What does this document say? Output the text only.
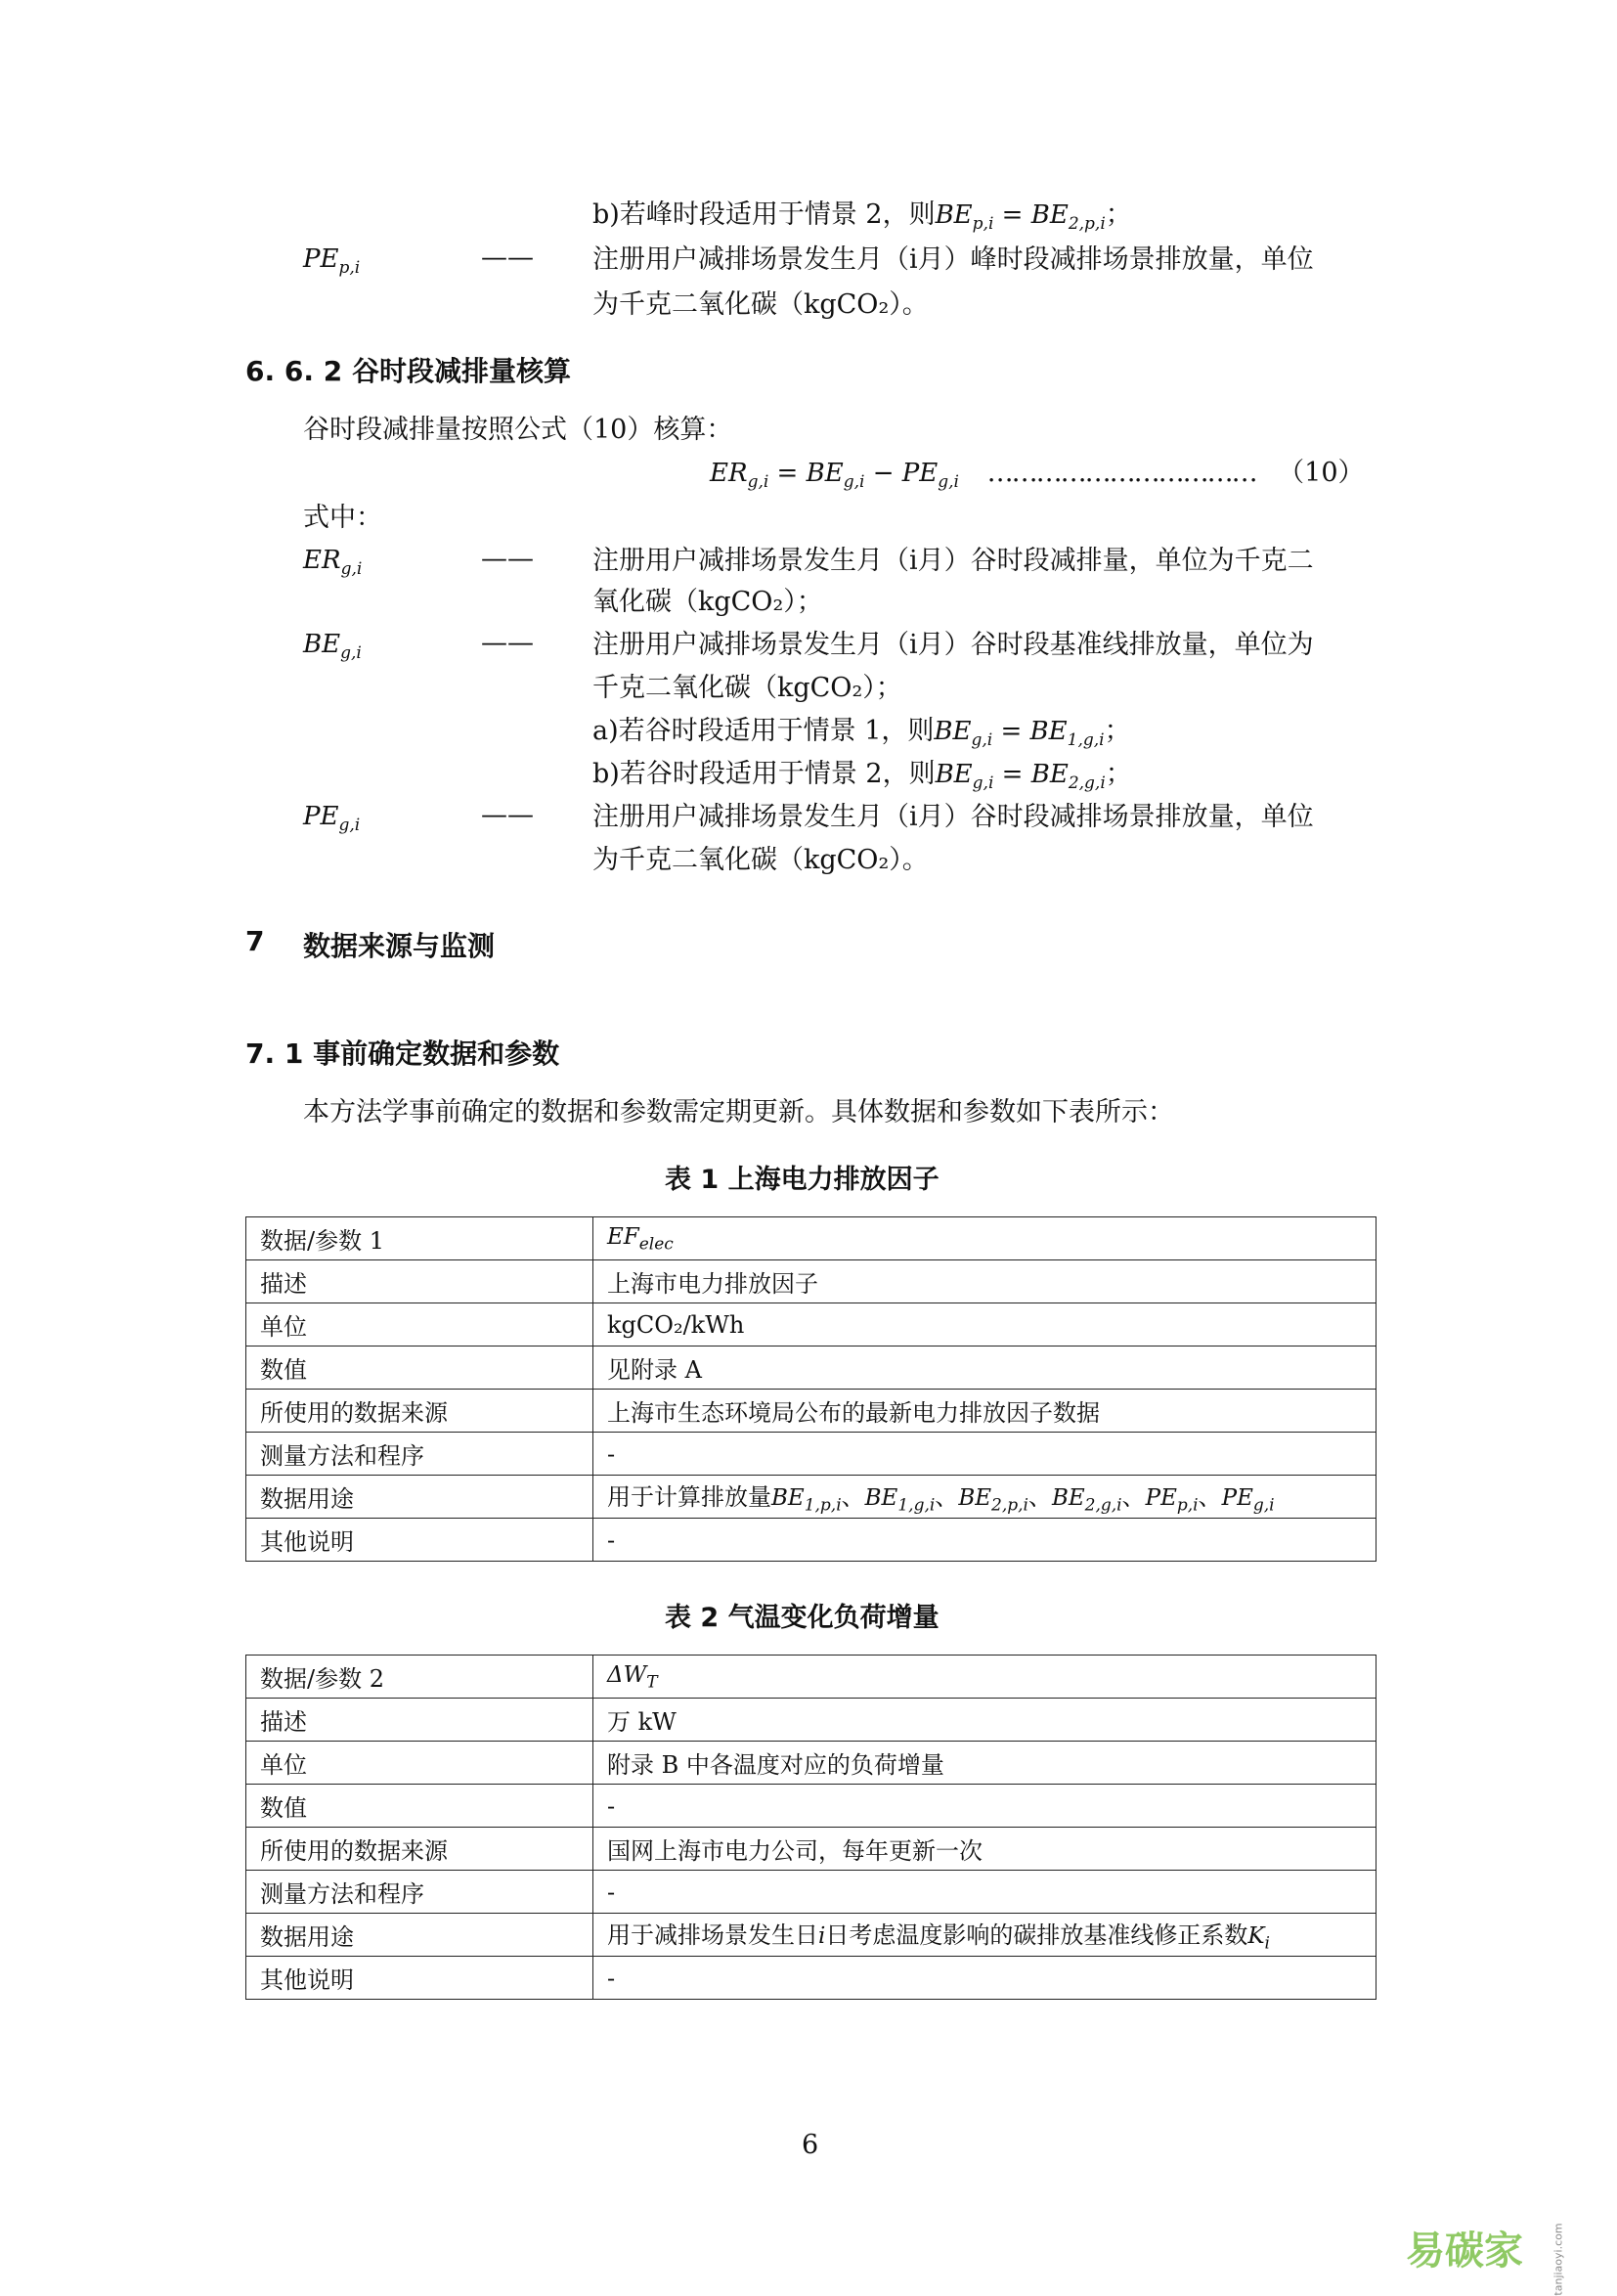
b)若峰时段适用于情景 2，则$BE_{p,i} = BE_{2,p,i}$；
$PE_{p,i}$	—— 注册用户减排场景发生月（i月）峰时段减排场景排放量，单位
为千克二氧化碳（kgCO₂）。
6. 6. 2 谷时段减排量核算
谷时段减排量按照公式（10）核算：
$ER_{g,i} = BE_{g,i} - PE_{g,i}$ …………………………… （10）
式中：
$ER_{g,i}$	—— 注册用户减排场景发生月（i月）谷时段减排量，单位为千克二
氧化碳（kgCO₂）；
$BE_{g,i}$	—— 注册用户减排场景发生月（i月）谷时段基准线排放量，单位为
千克二氧化碳（kgCO₂）；
a)若谷时段适用于情景 1，则$BE_{g,i} = BE_{1,g,i}$；
b)若谷时段适用于情景 2，则$BE_{g,i} = BE_{2,g,i}$；
$PE_{g,i}$	—— 注册用户减排场景发生月（i月）谷时段减排场景排放量，单位
为千克二氧化碳（kgCO₂）。
7 数据来源与监测
7. 1 事前确定数据和参数
本方法学事前确定的数据和参数需定期更新。具体数据和参数如下表所示：
表 1 上海电力排放因子
数据/参数 1	$EF_{elec}$
描述	上海市电力排放因子
单位	kgCO₂/kWh
数值	见附录 A
所使用的数据来源	上海市生态环境局公布的最新电力排放因子数据
测量方法和程序	-
数据用途	用于计算排放量$BE_{1,p,i}$、$BE_{1,g,i}$、$BE_{2,p,i}$、$BE_{2,g,i}$、$PE_{p,i}$、$PE_{g,i}$
其他说明	-
表 2 气温变化负荷增量
数据/参数 2	$\Delta W_T$
描述	万 kW
单位	附录 B 中各温度对应的负荷增量
数值	-
所使用的数据来源	国网上海市电力公司，每年更新一次
测量方法和程序	-
数据用途	用于减排场景发生日i日考虑温度影响的碳排放基准线修正系数$K_i$
其他说明	-
6
易碳家	tanjiaoyi.com
